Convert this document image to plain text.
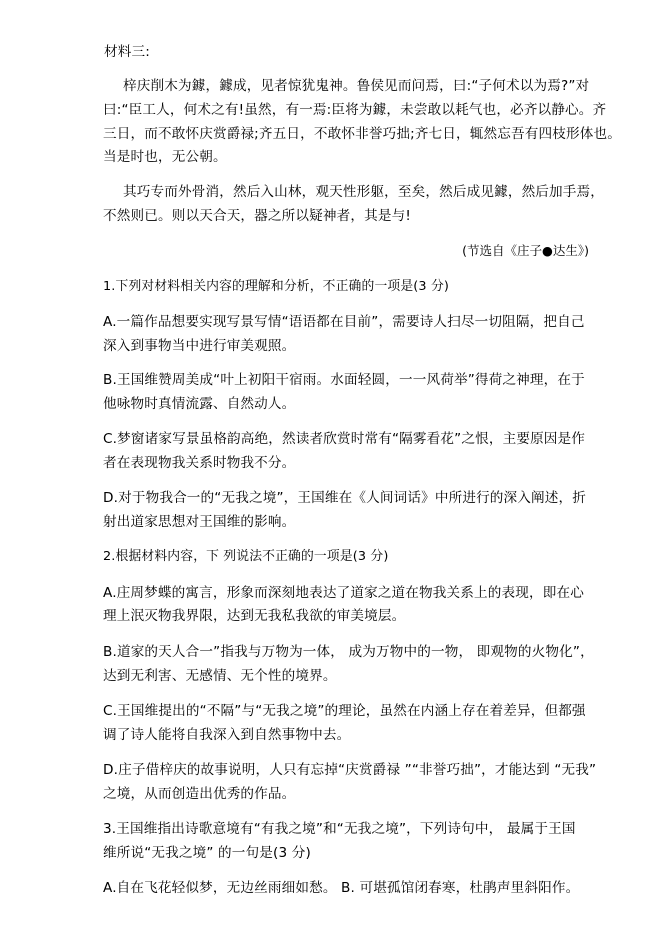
材料三:

梓庆削木为鐻，鐻成，见者惊犹鬼神。鲁侯见而问焉，曰:“子何术以为焉?”对

曰:“臣工人，何术之有!虽然，有一焉:臣将为鐻，未尝敢以耗气也，必齐以静心。齐

三日，而不敢怀庆赏爵禄;齐五日，不敢怀非誉巧拙;齐七日，辄然忘吾有四枝形体也。

当是时也，无公朝。

其巧专而外骨消，然后入山林，观天性形躯，至矣，然后成见鐻，然后加手焉，

不然则已。则以天合天，器之所以疑神者，其是与!

(节选自《庄子●达生》)

1.下列对材料相关内容的理解和分析，不正确的一项是(3 分)

A.一篇作品想要实现写景写情“语语都在目前”，需要诗人扫尽一切阻隔，把自己

深入到事物当中进行审美观照。

B.王国维赞周美成“叶上初阳干宿雨。水面轻圆，一一风荷举”得荷之神理，在于

他咏物时真情流露、自然动人。

C.梦窗诸家写景虽格韵高绝，然读者欣赏时常有“隔雾看花”之恨，主要原因是作

者在表现物我关系时物我不分。

D.对于物我合一的“无我之境”，王国维在《人间词话》中所进行的深入阐述，折

射出道家思想对王国维的影响。

2.根据材料内容，下 列说法不正确的一项是(3 分)

A.庄周梦蝶的寓言，形象而深刻地表达了道家之道在物我关系上的表现，即在心

理上泯灭物我界限，达到无我私我欲的审美境层。

B.道家的天人合一”指我与万物为一体， 成为万物中的一物， 即观物的火物化”，

达到无利害、无感情、无个性的境界。

C.王国维提出的“不隔”与“无我之境”的理论，虽然在内涵上存在着差异，但都强

调了诗人能将自我深入到自然事物中去。

D.庄子借梓庆的故事说明，人只有忘掉“庆赏爵禄 ”“非誉巧拙”，才能达到 “无我”

之境，从而创造出优秀的作品。

3.王国维指出诗歌意境有“有我之境”和“无我之境”，下列诗句中， 最属于王国

维所说“无我之境” 的一句是(3 分)

A.自在飞花轻似梦，无边丝雨细如愁。 B. 可堪孤馆闭春寒，杜鹃声里斜阳作。
